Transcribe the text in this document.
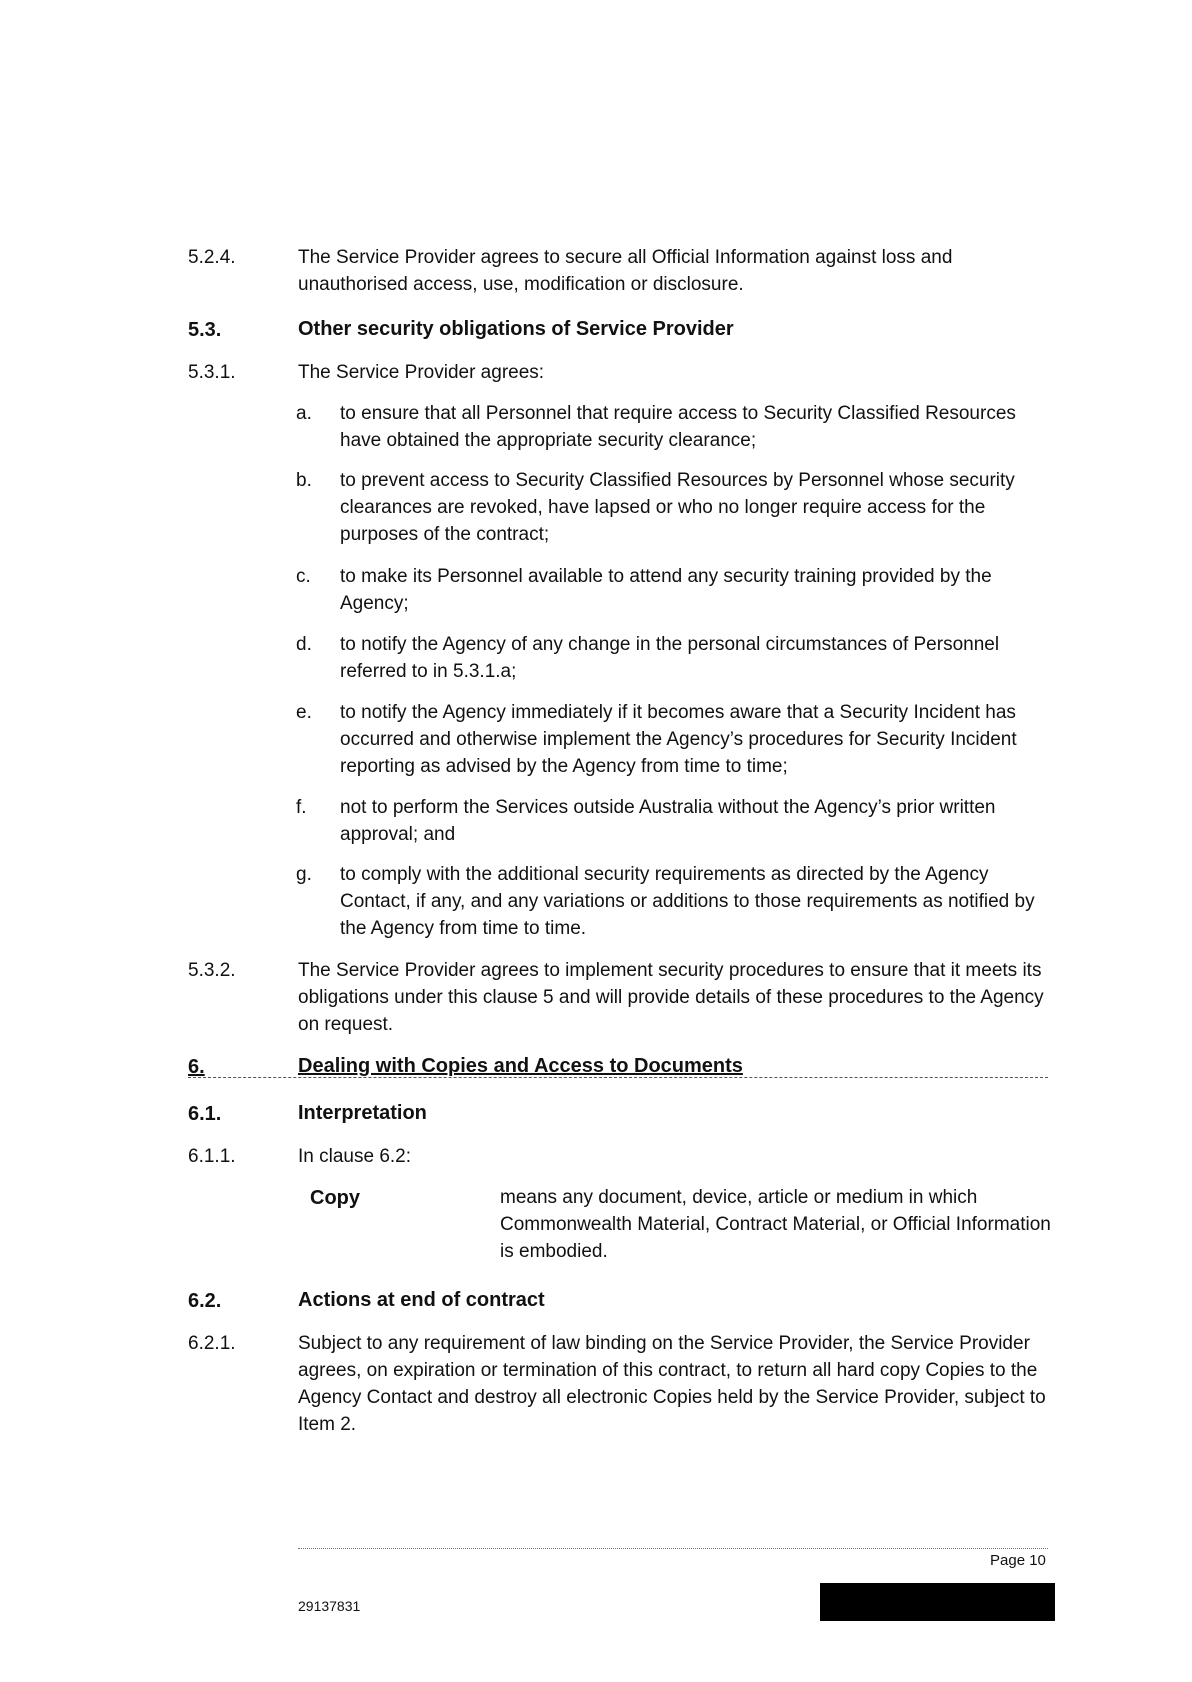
5.2.4.	The Service Provider agrees to secure all Official Information against loss and unauthorised access, use, modification or disclosure.
5.3.	Other security obligations of Service Provider
5.3.1.	The Service Provider agrees:
a. to ensure that all Personnel that require access to Security Classified Resources have obtained the appropriate security clearance;
b. to prevent access to Security Classified Resources by Personnel whose security clearances are revoked, have lapsed or who no longer require access for the purposes of the contract;
c. to make its Personnel available to attend any security training provided by the Agency;
d. to notify the Agency of any change in the personal circumstances of Personnel referred to in 5.3.1.a;
e. to notify the Agency immediately if it becomes aware that a Security Incident has occurred and otherwise implement the Agency’s procedures for Security Incident reporting as advised by the Agency from time to time;
f. not to perform the Services outside Australia without the Agency’s prior written approval; and
g. to comply with the additional security requirements as directed by the Agency Contact, if any, and any variations or additions to those requirements as notified by the Agency from time to time.
5.3.2.	The Service Provider agrees to implement security procedures to ensure that it meets its obligations under this clause 5 and will provide details of these procedures to the Agency on request.
6.	Dealing with Copies and Access to Documents
6.1.	Interpretation
6.1.1.	In clause 6.2:
Copy	means any document, device, article or medium in which Commonwealth Material, Contract Material, or Official Information is embodied.
6.2.	Actions at end of contract
6.2.1.	Subject to any requirement of law binding on the Service Provider, the Service Provider agrees, on expiration or termination of this contract, to return all hard copy Copies to the Agency Contact and destroy all electronic Copies held by the Service Provider, subject to Item 2.
Page 10
29137831
